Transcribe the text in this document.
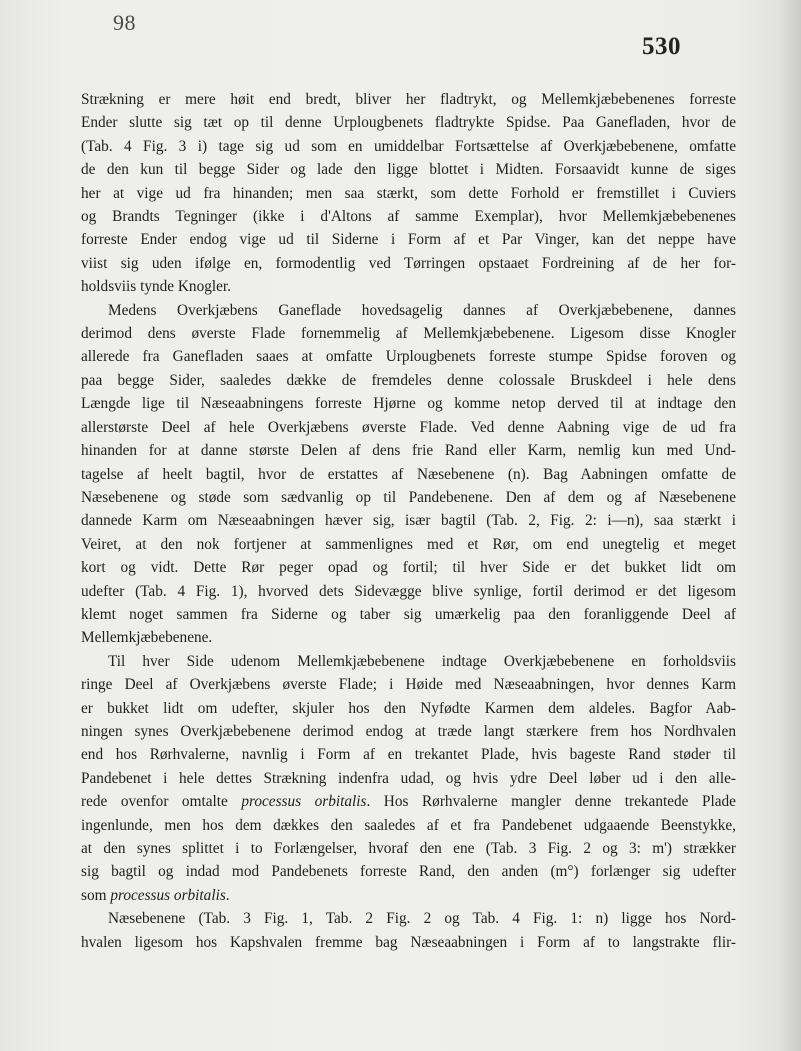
98
530
Strækning er mere høit end bredt, bliver her fladtrykt, og Mellemkjæbebenenes forreste
Ender slutte sig tæt op til denne Urplougbenets fladtrykte Spidse. Paa Ganefladen, hvor de
(Tab. 4 Fig. 3 i) tage sig ud som en umiddelbar Fortsættelse af Overkjæbebenene, omfatte
de den kun til begge Sider og lade den ligge blottet i Midten. Forsaavidt kunne de siges
her at vige ud fra hinanden; men saa stærkt, som dette Forhold er fremstillet i Cuviers
og Brandts Tegninger (ikke i d'Altons af samme Exemplar), hvor Mellemkjæbebenenes
forreste Ender endog vige ud til Siderne i Form af et Par Vinger, kan det neppe have
viist sig uden ifølge en, formodentlig ved Tørringen opstaaet Fordreining af de her for-
holdsviis tynde Knogler.
Medens Overkjæbens Ganeflade hovedsagelig dannes af Overkjæbebenene, dannes
derimod dens øverste Flade fornemmelig af Mellemkjæbebenene. Ligesom disse Knogler
allerede fra Ganefladen saaes at omfatte Urplougbenets forreste stumpe Spidse foroven og
paa begge Sider, saaledes dække de fremdeles denne colossale Bruskdeel i hele dens
Længde lige til Næseaabningens forreste Hjørne og komme netop derved til at indtage den
allerstørste Deel af hele Overkjæbens øverste Flade. Ved denne Aabning vige de ud fra
hinanden for at danne største Delen af dens frie Rand eller Karm, nemlig kun med Und-
tagelse af heelt bagtil, hvor de erstattes af Næsebenene (n). Bag Aabningen omfatte de
Næsebenene og støde som sædvanlig op til Pandebenene. Den af dem og af Næsebenene
dannede Karm om Næseaabningen hæver sig, især bagtil (Tab. 2, Fig. 2: i—n), saa stærkt i
Veiret, at den nok fortjener at sammenlignes med et Rør, om end unegtelig et meget
kort og vidt. Dette Rør peger opad og fortil; til hver Side er det bukket lidt om
udefter (Tab. 4 Fig. 1), hvorved dets Sidevægge blive synlige, fortil derimod er det ligesom
klemt noget sammen fra Siderne og taber sig umærkelig paa den foranliggende Deel af
Mellemkjæbebenene.
Til hver Side udenom Mellemkjæbebenene indtage Overkjæbebenene en forholdsviis
ringe Deel af Overkjæbens øverste Flade; i Høide med Næseaabningen, hvor dennes Karm
er bukket lidt om udefter, skjuler hos den Nyfødte Karmen dem aldeles. Bagfor Aab-
ningen synes Overkjæbebenene derimod endog at træde langt stærkere frem hos Nordhvalen
end hos Rørhvalerne, navnlig i Form af en trekantet Plade, hvis bageste Rand støder til
Pandebenet i hele dettes Strækning indenfra udad, og hvis ydre Deel løber ud i den alle-
rede ovenfor omtalte processus orbitalis. Hos Rørhvalerne mangler denne trekantede Plade
ingenlunde, men hos dem dækkes den saaledes af et fra Pandebenet udgaaende Beenstykke,
at den synes splittet i to Forlængelser, hvoraf den ene (Tab. 3 Fig. 2 og 3: m') strækker
sig bagtil og indad mod Pandebenets forreste Rand, den anden (m°) forlænger sig udefter
som processus orbitalis.
Næsebenene (Tab. 3 Fig. 1, Tab. 2 Fig. 2 og Tab. 4 Fig. 1: n) ligge hos Nord-
hvalen ligesom hos Kapshvalen fremme bag Næseaabningen i Form af to langstrakte flir-
